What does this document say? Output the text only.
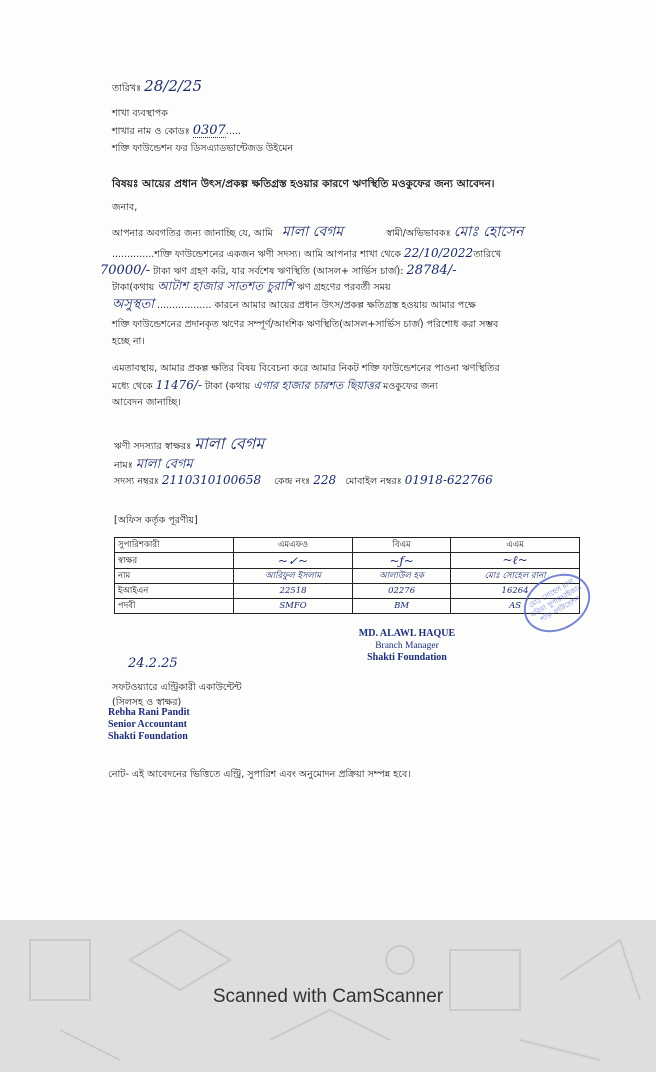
তারিখঃ 28/2/25
শাখা ব্যবস্থাপক
শাখার নাম ও কোডঃ 0307.....
শক্তি ফাউন্ডেশন ফর ডিসএ্যাডভান্টেজড উইমেন
বিষয়ঃ আয়ের প্রধান উৎস/প্রকল্প ক্ষতিগ্রস্ত হওয়ার কারণে ঋণস্থিতি মওকুফের জন্য আবেদন।
জনাব,
আপনার অবগতির জন্য জানাচ্ছি যে, আমি মালা বেগম	স্বামী/অভিভাবকঃ মোঃ হোসেন
..............শক্তি ফাউন্ডেশনের একজন ঋণী সদস্য। আমি আপনার শাখা থেকে 22/10/2022তারিখে
70000/- টাকা ঋণ গ্রহণ করি, যার সর্বশেষ ঋণস্থিতি (আসল+ সার্ভিস চার্জ): 28784/-
টাকা(কথায় আটাশ হাজার সাতশত চুরাশি ঋণ গ্রহণের পরবর্তী সময়
অসুস্থতা .................. কারনে আমার আয়ের প্রধান উৎস/প্রকল্প ক্ষতিগ্রস্ত হওয়ায় আমার পক্ষে
শক্তি ফাউন্ডেশনের প্রদানকৃত ঋণের সম্পূর্ণ/আংশিক ঋণস্থিতি(আসল+সার্ভিস চার্জ) পরিশোধ করা সম্ভব
হচ্ছে না।
এমতাবস্থায়, আমার প্রকল্প ক্ষতির বিষয় বিবেচনা করে আমার নিকট শক্তি ফাউন্ডেশনের পাওনা ঋণস্থিতির
মধ্যে থেকে 11476/- টাকা (কথায় এগার হাজার চারশত ছিয়াত্তর মওকুফের জন্য
আবেদন জানাচ্ছি।
ঋণী সদস্যার স্বাক্ষরঃ মালা বেগম
নামঃ মালা বেগম
সদস্য নম্বরঃ 2110310100658 কেন্দ্র নংঃ 228 মোবাইল নম্বরঃ 01918-622766
[অফিস কর্তৃক পূরণীয়]
সুপারিশকারী	এমএফও	বিএম	এএম
স্বাক্ষর	~✓~	~ƒ~	~ℓ~
নাম	আরিফুল ইসলাম	আলাউল হক	মোঃ সোহেল রানা
ইআইএন	22518	02276	16264
পদবী	SMFO	BM	AS
MD. ALAWL HAQUE
Branch Manager
Shakti Foundation
মোঃ সোহেল রানা এরিয়া সুপারভাইজার শক্তি ফাউন্ডেশন
24.2.25
সফটওয়্যারে এন্ট্রিকারী একাউন্টেন্ট
(সিলসহ ও স্বাক্ষর)
Rebha Rani Pandit
Senior Accountant
Shakti Foundation
নোট- এই আবেদনের ভিত্তিতে এন্ট্রি, সুপারিশ এবং অনুমোদন প্রক্রিয়া সম্পন্ন হবে।
Scanned with CamScanner
